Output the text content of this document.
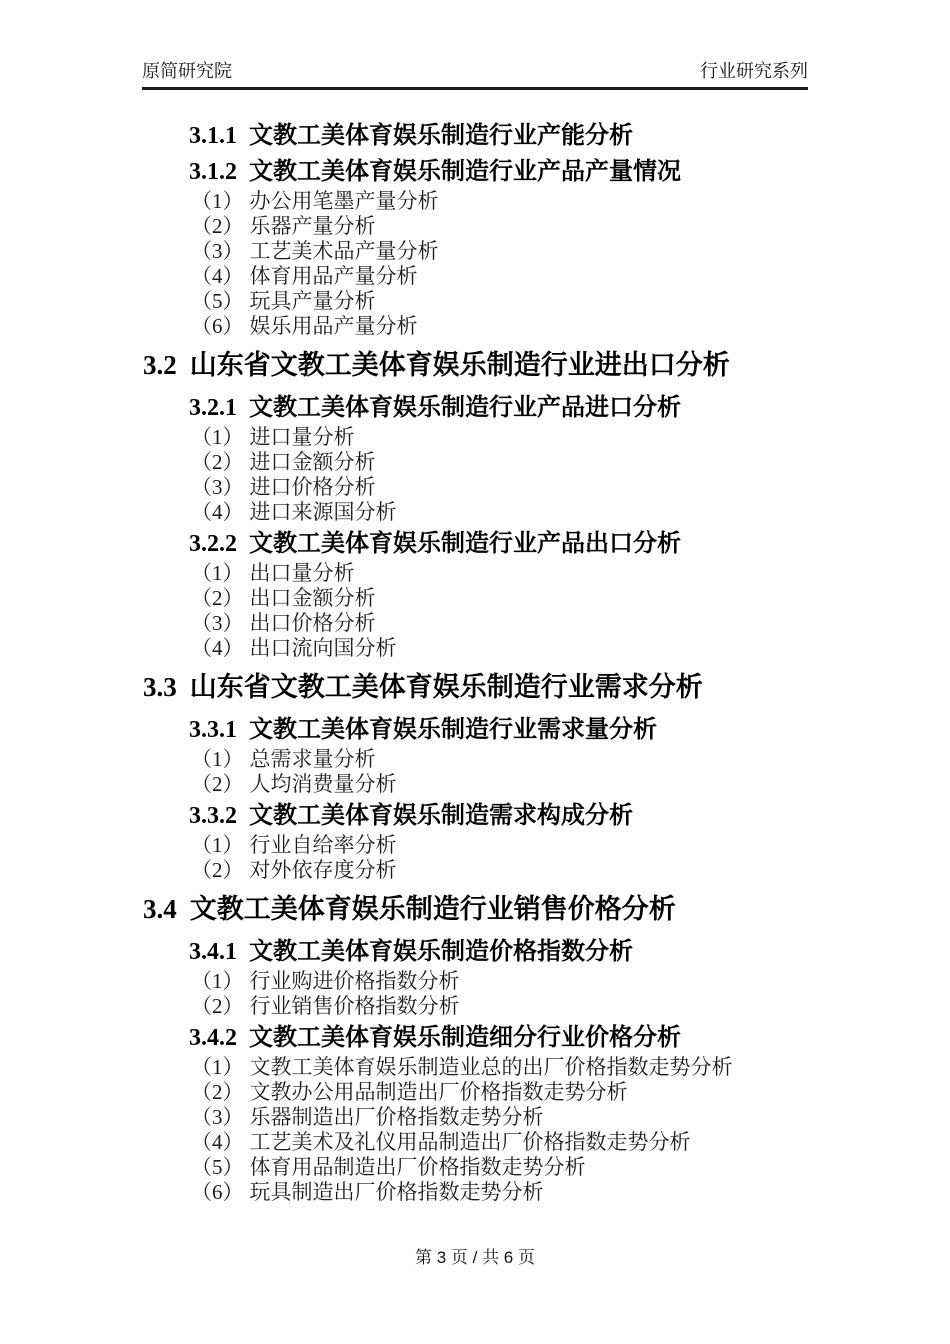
原简研究院	行业研究系列
3.1.1 文教工美体育娱乐制造行业产能分析
3.1.2 文教工美体育娱乐制造行业产品产量情况
（1） 办公用笔墨产量分析
（2） 乐器产量分析
（3） 工艺美术品产量分析
（4） 体育用品产量分析
（5） 玩具产量分析
（6） 娱乐用品产量分析
3.2 山东省文教工美体育娱乐制造行业进出口分析
3.2.1 文教工美体育娱乐制造行业产品进口分析
（1） 进口量分析
（2） 进口金额分析
（3） 进口价格分析
（4） 进口来源国分析
3.2.2 文教工美体育娱乐制造行业产品出口分析
（1） 出口量分析
（2） 出口金额分析
（3） 出口价格分析
（4） 出口流向国分析
3.3 山东省文教工美体育娱乐制造行业需求分析
3.3.1 文教工美体育娱乐制造行业需求量分析
（1） 总需求量分析
（2） 人均消费量分析
3.3.2 文教工美体育娱乐制造需求构成分析
（1） 行业自给率分析
（2） 对外依存度分析
3.4 文教工美体育娱乐制造行业销售价格分析
3.4.1 文教工美体育娱乐制造价格指数分析
（1） 行业购进价格指数分析
（2） 行业销售价格指数分析
3.4.2 文教工美体育娱乐制造细分行业价格分析
（1） 文教工美体育娱乐制造业总的出厂价格指数走势分析
（2） 文教办公用品制造出厂价格指数走势分析
（3） 乐器制造出厂价格指数走势分析
（4） 工艺美术及礼仪用品制造出厂价格指数走势分析
（5） 体育用品制造出厂价格指数走势分析
（6） 玩具制造出厂价格指数走势分析
第 3 页 / 共 6 页
